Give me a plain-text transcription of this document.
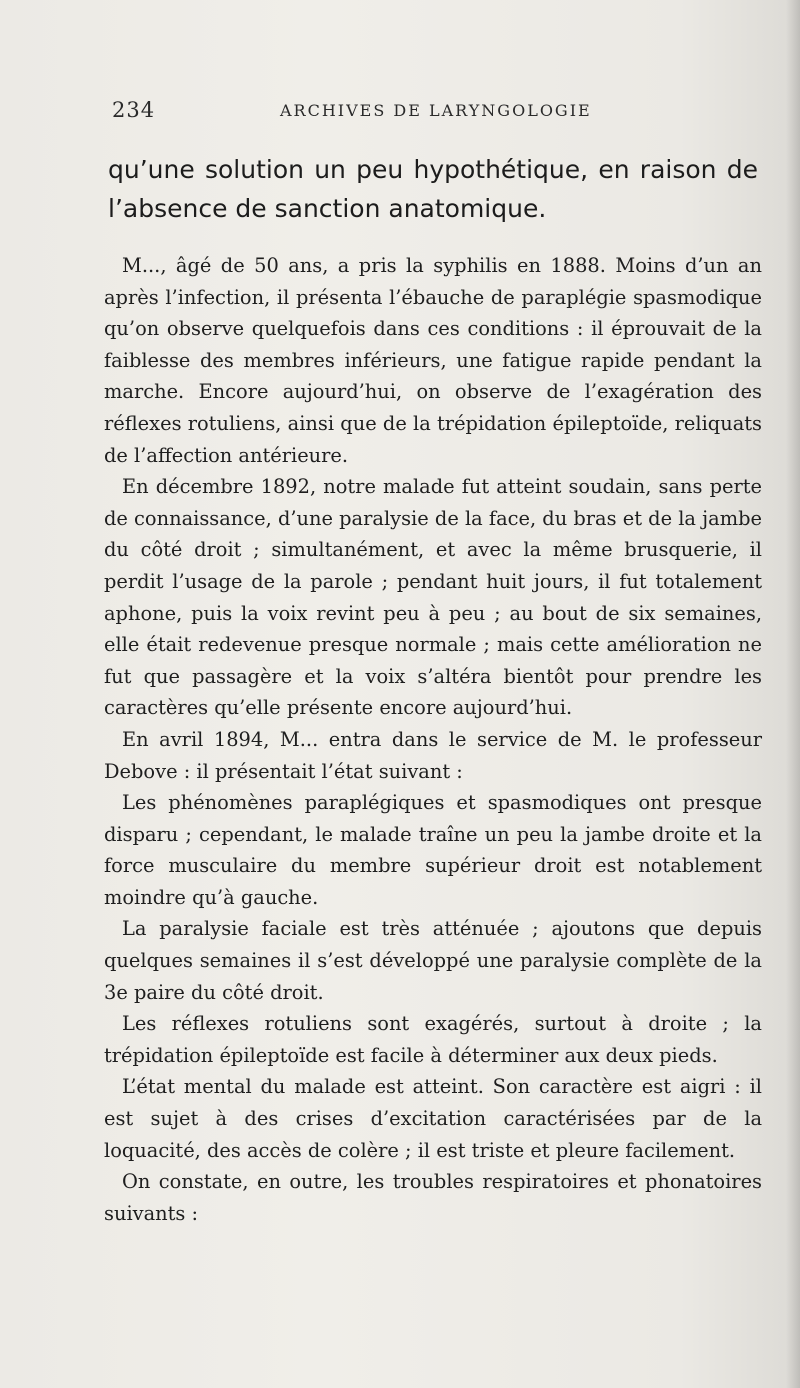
234	ARCHIVES DE LARYNGOLOGIE
qu’une solution un peu hypothétique, en raison de l’absence de sanction anatomique.

M..., âgé de 50 ans, a pris la syphilis en 1888. Moins d’un an après l’infection, il présenta l’ébauche de paraplégie spasmodique qu’on observe quelquefois dans ces conditions : il éprouvait de la faiblesse des membres inférieurs, une fatigue rapide pendant la marche. Encore aujourd’hui, on observe de l’exagération des réflexes rotuliens, ainsi que de la trépidation épileptoïde, reliquats de l’affection antérieure.

En décembre 1892, notre malade fut atteint soudain, sans perte de connaissance, d’une paralysie de la face, du bras et de la jambe du côté droit ; simultanément, et avec la même brusquerie, il perdit l’usage de la parole ; pendant huit jours, il fut totalement aphone, puis la voix revint peu à peu ; au bout de six semaines, elle était redevenue presque normale ; mais cette amélioration ne fut que passagère et la voix s’altéra bientôt pour prendre les caractères qu’elle présente encore aujourd’hui.

En avril 1894, M... entra dans le service de M. le professeur Debove : il présentait l’état suivant :

Les phénomènes paraplégiques et spasmodiques ont presque disparu ; cependant, le malade traîne un peu la jambe droite et la force musculaire du membre supérieur droit est notablement moindre qu’à gauche.

La paralysie faciale est très atténuée ; ajoutons que depuis quelques semaines il s’est développé une paralysie complète de la 3e paire du côté droit.

Les réflexes rotuliens sont exagérés, surtout à droite ; la trépidation épileptoïde est facile à déterminer aux deux pieds.

L’état mental du malade est atteint. Son caractère est aigri : il est sujet à des crises d’excitation caractérisées par de la loquacité, des accès de colère ; il est triste et pleure facilement.

On constate, en outre, les troubles respiratoires et phonatoires suivants :
